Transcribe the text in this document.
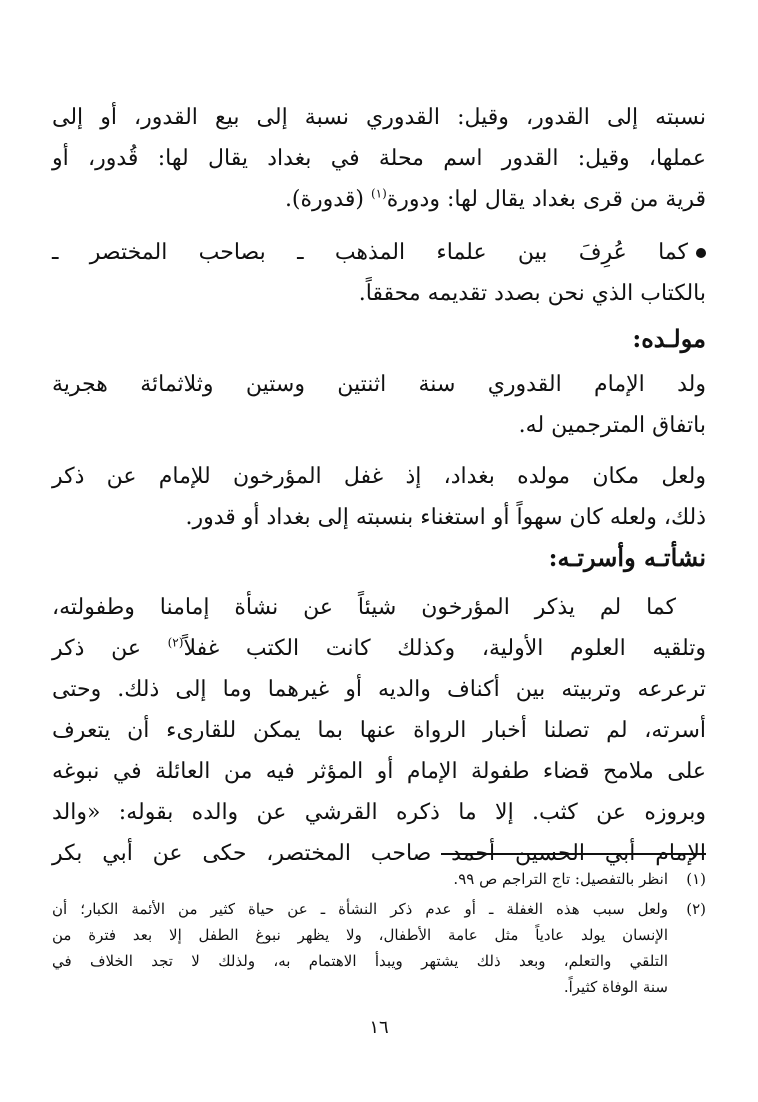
نسبته إلى القدور، وقيل: القدوري نسبة إلى بيع القدور، أو إلى
عملها، وقيل: القدور اسم محلة في بغداد يقال لها: قُدور، أو
قرية من قرى بغداد يقال لها: ودورة$^{(١)}$ (قدورة).

كما عُرِفَ بين علماء المذهب ـ بصاحب المختصر ـ
بالكتاب الذي نحن بصدد تقديمه محققاً.

مولـده:

ولد الإمام القدوري سنة اثنتين وستين وثلاثمائة هجرية
باتفاق المترجمين له.

ولعل مكان مولده بغداد، إذ غفل المؤرخون للإمام عن ذكر
ذلك، ولعله كان سهواً أو استغناء بنسبته إلى بغداد أو قدور.

نشأتـه وأسرتـه:

كما لم يذكر المؤرخون شيئاً عن نشأة إمامنا وطفولته،
وتلقيه العلوم الأولية، وكذلك كانت الكتب غفلاً$^{(٢)}$ عن ذكر
ترعرعه وتربيته بين أكناف والديه أو غيرهما وما إلى ذلك. وحتى
أسرته، لم تصلنا أخبار الرواة عنها بما يمكن للقارىء أن يتعرف
على ملامح قضاء طفولة الإمام أو المؤثر فيه من العائلة في نبوغه
وبروزه عن كثب. إلا ما ذكره القرشي عن والده بقوله: «والد
الإمام أبي الحسين أحمد صاحب المختصر، حكى عن أبي بكر

(١)
انظر بالتفصيل: تاج التراجم ص ٩٩.
(٢)
ولعل سبب هذه الغفلة ـ أو عدم ذكر النشأة ـ عن حياة كثير من الأئمة الكبار؛ أن
الإنسان يولد عادياً مثل عامة الأطفال، ولا يظهر نبوغ الطفل إلا بعد فترة من
التلقي والتعلم، وبعد ذلك يشتهر ويبدأ الاهتمام به، ولذلك لا تجد الخلاف في
سنة الوفاة كثيراً.
١٦
